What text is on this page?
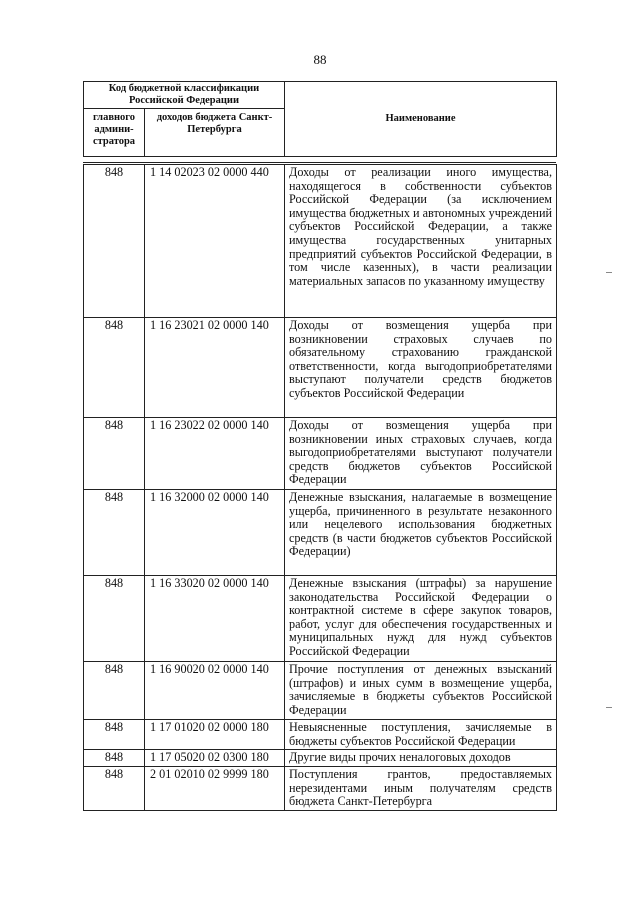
88
Код бюджетной классификации Российской Федерации		Наименование
главного админи-стратора	доходов бюджета Санкт-Петербурга	
848	1 14 02023 02 0000 440	Доходы от реализации иного имущества, находящегося в собственности субъектов Российской Федерации (за исключением имущества бюджетных и автономных учреждений субъектов Российской Федерации, а также имущества государственных унитарных предприятий субъектов Российской Федерации, в том числе казенных), в части реализации материальных запасов по указанному имуществу
848	1 16 23021 02 0000 140	Доходы от возмещения ущерба при возникновении страховых случаев по обязательному страхованию гражданской ответственности, когда выгодоприобретателями выступают получатели средств бюджетов субъектов Российской Федерации
848	1 16 23022 02 0000 140	Доходы от возмещения ущерба при возникновении иных страховых случаев, когда выгодоприобретателями выступают получатели средств бюджетов субъектов Российской Федерации
848	1 16 32000 02 0000 140	Денежные взыскания, налагаемые в возмещение ущерба, причиненного в результате незаконного или нецелевого использования бюджетных средств (в части бюджетов субъектов Российской Федерации)
848	1 16 33020 02 0000 140	Денежные взыскания (штрафы) за нарушение законодательства Российской Федерации о контрактной системе в сфере закупок товаров, работ, услуг для обеспечения государственных и муниципальных нужд для нужд субъектов Российской Федерации
848	1 16 90020 02 0000 140	Прочие поступления от денежных взысканий (штрафов) и иных сумм в возмещение ущерба, зачисляемые в бюджеты субъектов Российской Федерации
848	1 17 01020 02 0000 180	Невыясненные поступления, зачисляемые в бюджеты субъектов Российской Федерации
848	1 17 05020 02 0300 180	Другие виды прочих неналоговых доходов
848	2 01 02010 02 9999 180	Поступления грантов, предоставляемых нерезидентами иным получателям средств бюджета Санкт-Петербурга
